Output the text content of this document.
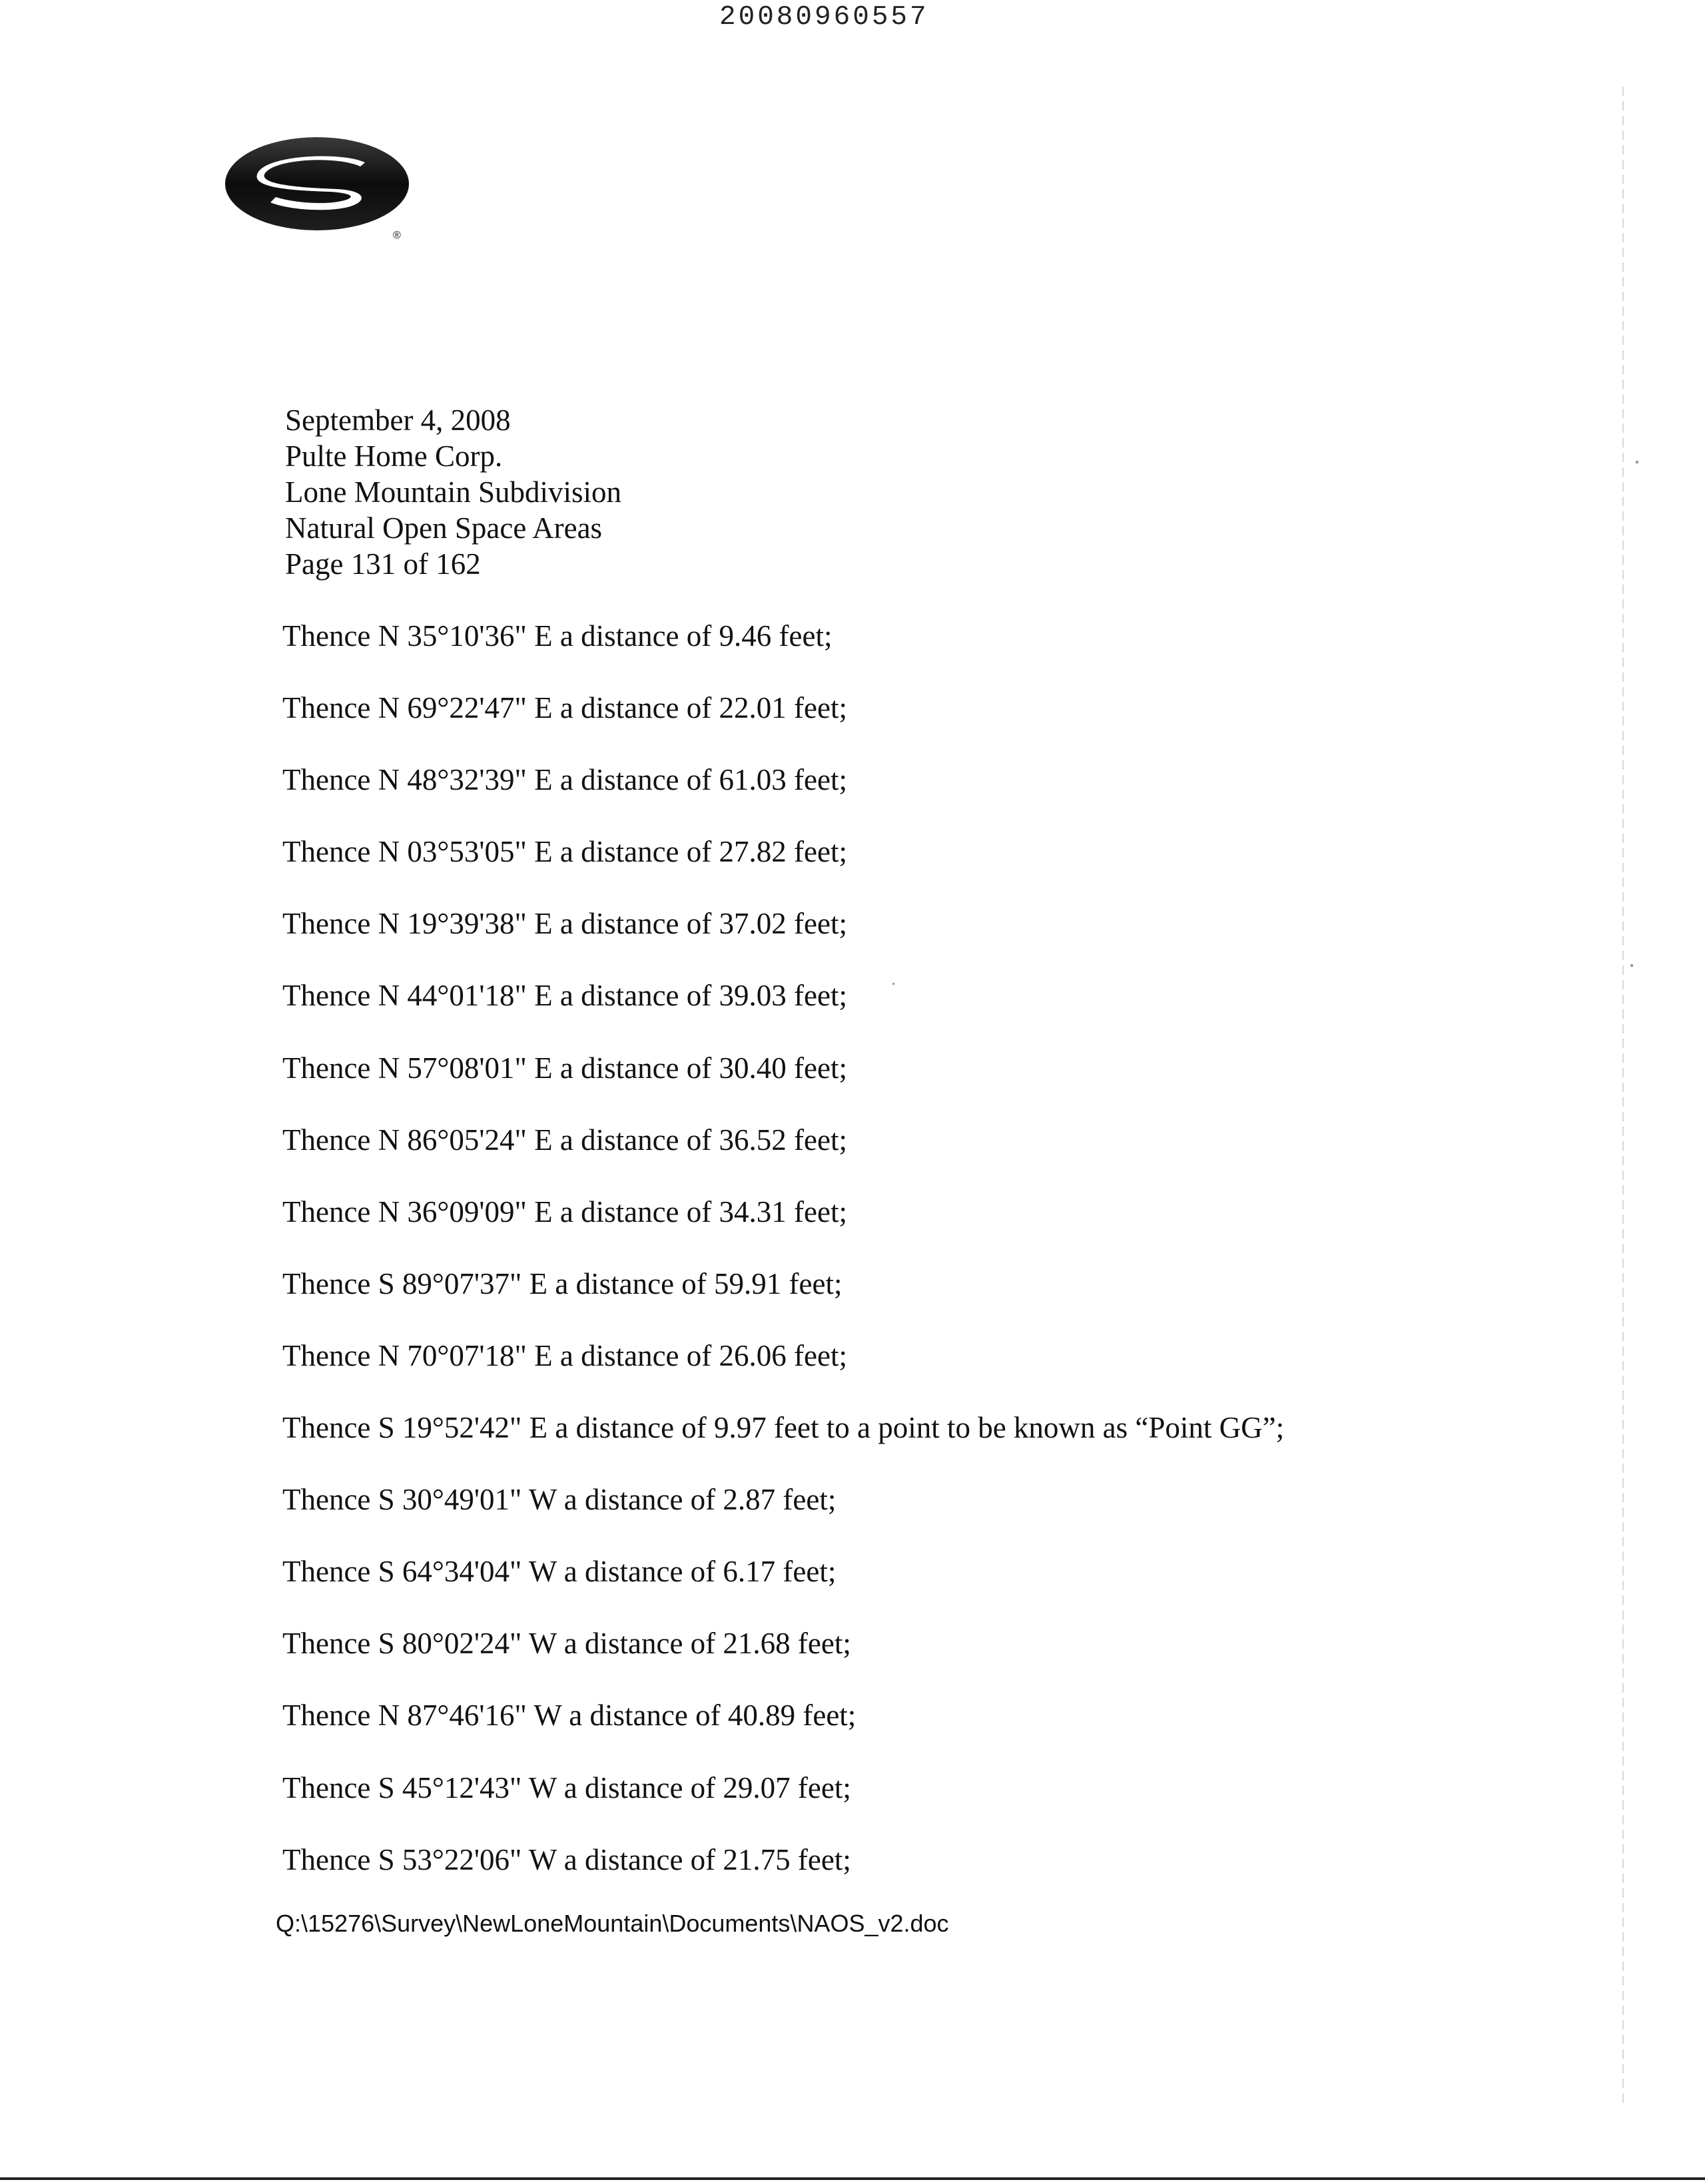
20080960557
®
September 4, 2008
Pulte Home Corp.
Lone Mountain Subdivision
Natural Open Space Areas
Page 131 of 162
Thence N 35°10'36" E a distance of 9.46 feet;
Thence N 69°22'47" E a distance of 22.01 feet;
Thence N 48°32'39" E a distance of 61.03 feet;
Thence N 03°53'05" E a distance of 27.82 feet;
Thence N 19°39'38" E a distance of 37.02 feet;
Thence N 44°01'18" E a distance of 39.03 feet;
Thence N 57°08'01" E a distance of 30.40 feet;
Thence N 86°05'24" E a distance of 36.52 feet;
Thence N 36°09'09" E a distance of 34.31 feet;
Thence S 89°07'37" E a distance of 59.91 feet;
Thence N 70°07'18" E a distance of 26.06 feet;
Thence S 19°52'42" E a distance of 9.97 feet to a point to be known as “Point GG”;
Thence S 30°49'01" W a distance of 2.87 feet;
Thence S 64°34'04" W a distance of 6.17 feet;
Thence S 80°02'24" W a distance of 21.68 feet;
Thence N 87°46'16" W a distance of 40.89 feet;
Thence S 45°12'43" W a distance of 29.07 feet;
Thence S 53°22'06" W a distance of 21.75 feet;
Q:\15276\Survey\NewLoneMountain\Documents\NAOS_v2.doc
